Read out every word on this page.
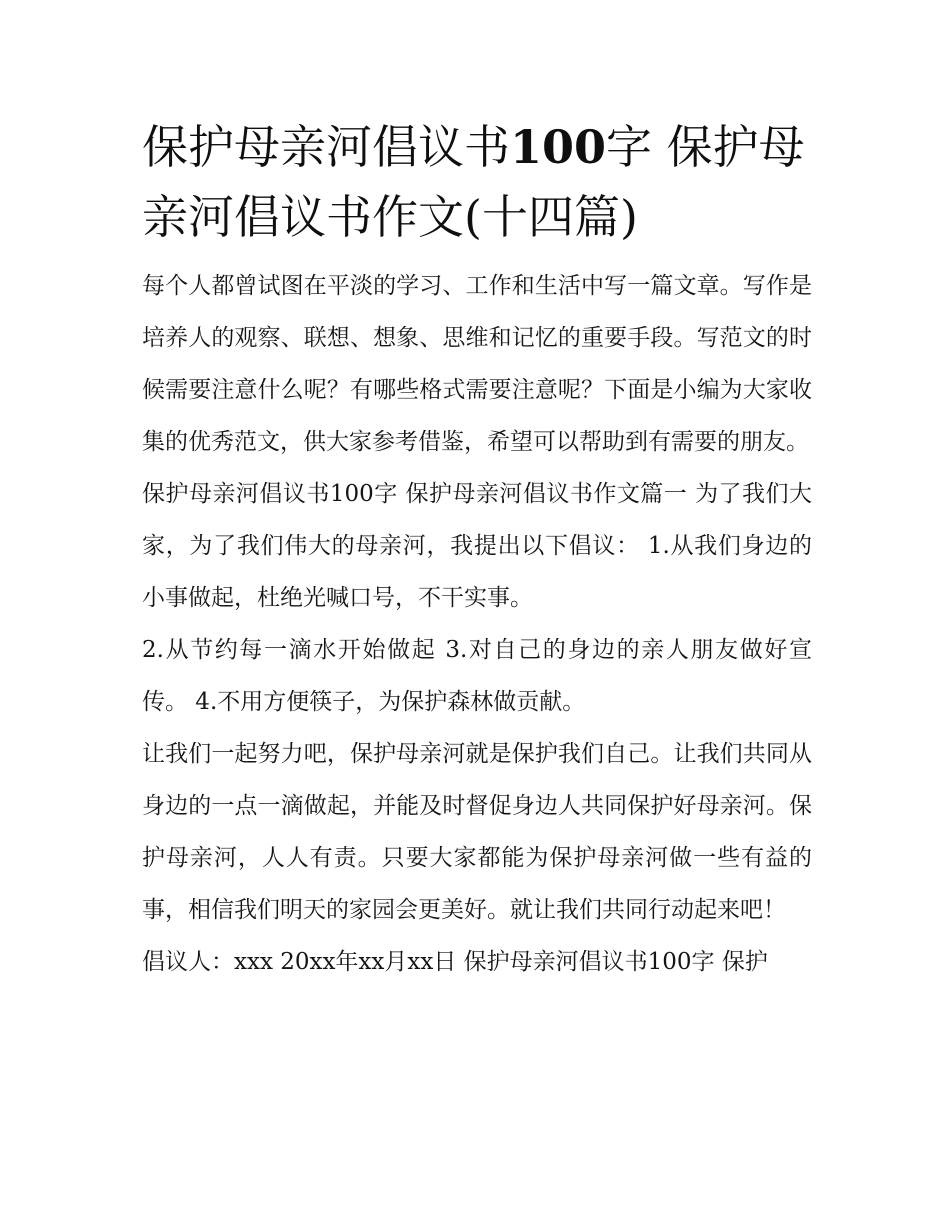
保护母亲河倡议书100字 保护母亲河倡议书作文(十四篇)

每个人都曾试图在平淡的学习、工作和生活中写一篇文章。写作是培养人的观察、联想、想象、思维和记忆的重要手段。写范文的时候需要注意什么呢？有哪些格式需要注意呢？下面是小编为大家收集的优秀范文，供大家参考借鉴，希望可以帮助到有需要的朋友。

保护母亲河倡议书100字 保护母亲河倡议书作文篇一 为了我们大家，为了我们伟大的母亲河，我提出以下倡议： 1.从我们身边的小事做起，杜绝光喊口号，不干实事。

2.从节约每一滴水开始做起 3.对自己的身边的亲人朋友做好宣传。 4.不用方便筷子，为保护森林做贡献。

让我们一起努力吧，保护母亲河就是保护我们自己。让我们共同从身边的一点一滴做起，并能及时督促身边人共同保护好母亲河。保护母亲河，人人有责。只要大家都能为保护母亲河做一些有益的事，相信我们明天的家园会更美好。就让我们共同行动起来吧！

倡议人：xxx 20xx年xx月xx日 保护母亲河倡议书100字 保护
